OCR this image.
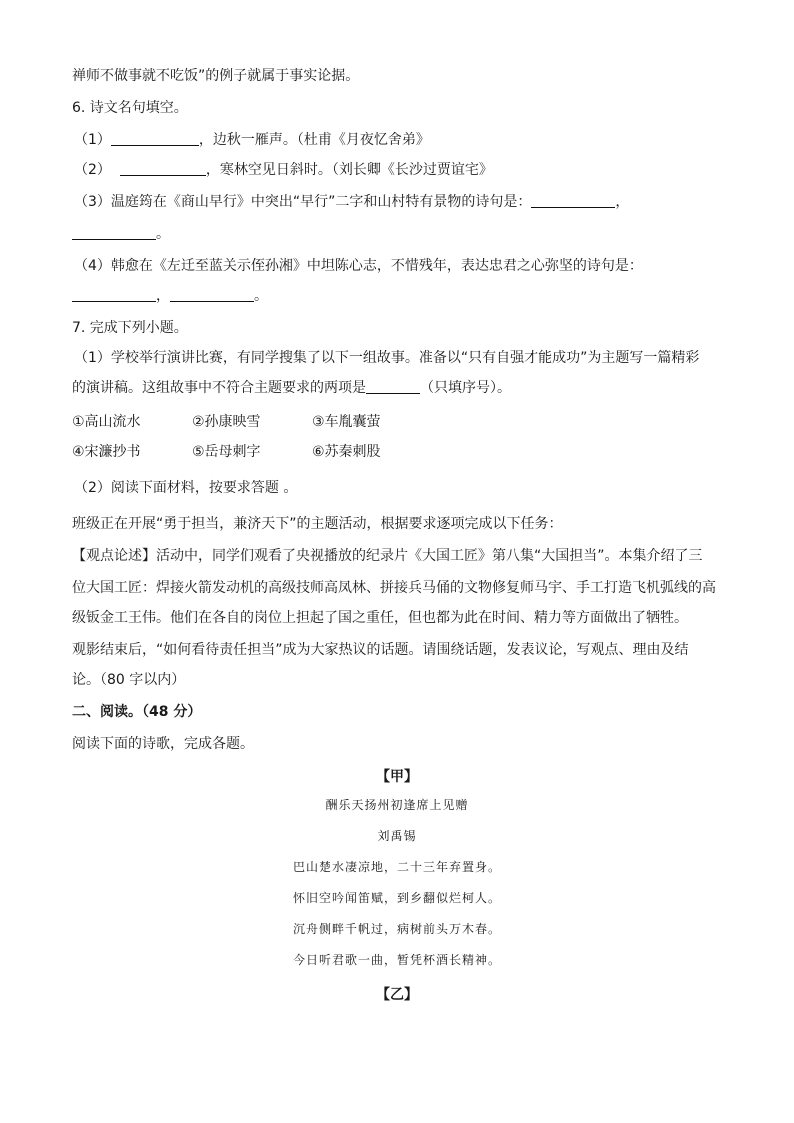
禅师不做事就不吃饭”的例子就属于事实论据。
6. 诗文名句填空。
（1）	，边秋一雁声。（杜甫《月夜忆舍弟》
（2）	，寒林空见日斜时。（刘长卿《长沙过贾谊宅》
（3）温庭筠在《商山早行》中突出“早行”二字和山村特有景物的诗句是：	，
。
（4）韩愈在《左迁至蓝关示侄孙湘》中坦陈心志，不惜残年，表达忠君之心弥坚的诗句是：
，	。
7. 完成下列小题。
（1）学校举行演讲比赛，有同学搜集了以下一组故事。准备以“只有自强才能成功”为主题写一篇精彩
的演讲稿。这组故事中不符合主题要求的两项是	（只填序号）。
①高山流水	②孙康映雪	③车胤囊萤
④宋濂抄书	⑤岳母刺字	⑥苏秦刺股
（2）阅读下面材料，按要求答题 。
班级正在开展“勇于担当，兼济天下”的主题活动，根据要求逐项完成以下任务：
【观点论述】活动中，同学们观看了央视播放的纪录片《大国工匠》第八集“大国担当”。本集介绍了三
位大国工匠：焊接火箭发动机的高级技师高凤林、拼接兵马俑的文物修复师马宇、手工打造飞机弧线的高
级钣金工王伟。他们在各自的岗位上担起了国之重任，但也都为此在时间、精力等方面做出了牺牲。
观影结束后，“如何看待责任担当”成为大家热议的话题。请围绕话题，发表议论，写观点、理由及结
论。（80 字以内）
二、阅读。（48 分）
阅读下面的诗歌，完成各题。
【甲】
酬乐天扬州初逢席上见赠
刘禹锡
巴山楚水凄凉地，二十三年弃置身。
怀旧空吟闻笛赋，到乡翻似烂柯人。
沉舟侧畔千帆过，病树前头万木春。
今日听君歌一曲，暂凭杯酒长精神。
【乙】
